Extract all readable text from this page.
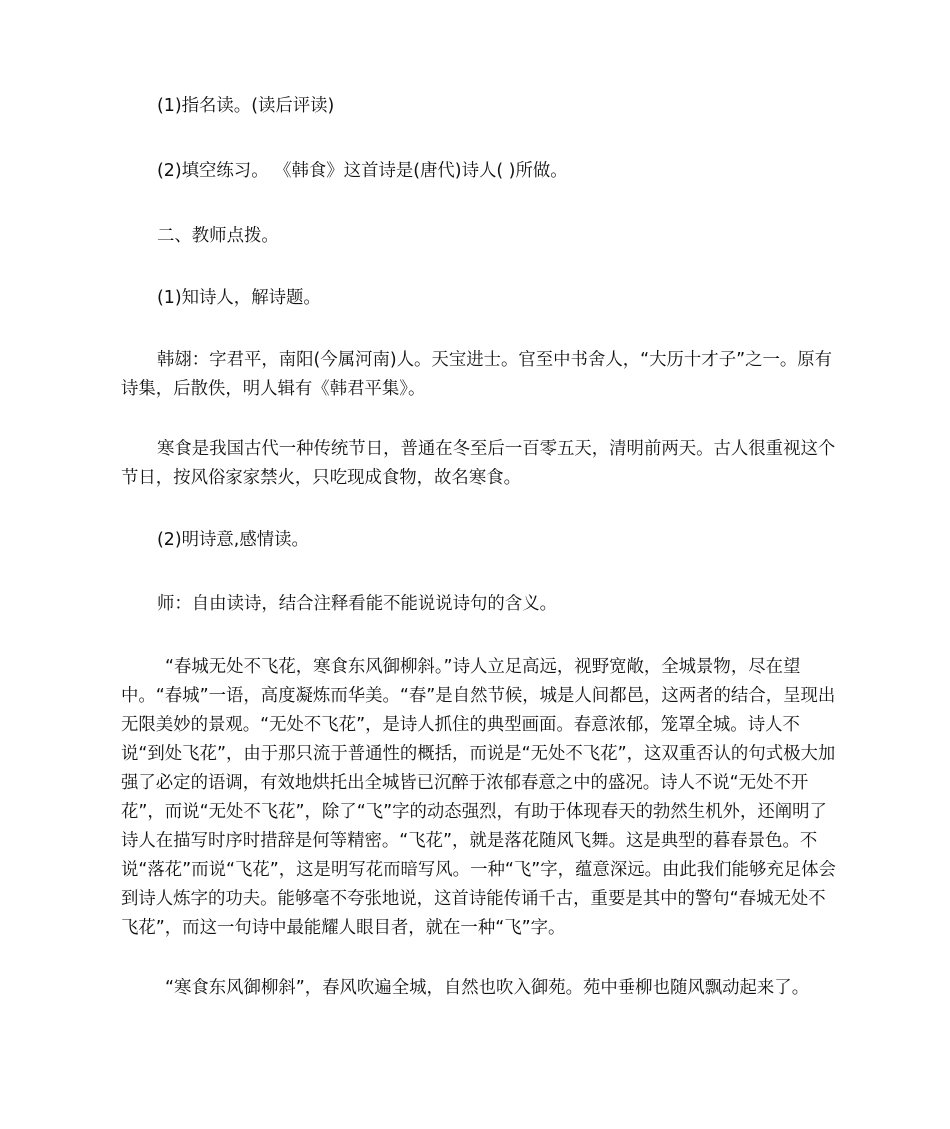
(1)指名读。(读后评读)

(2)填空练习。 《韩食》这首诗是(唐代)诗人( )所做。

二、教师点拨。

(1)知诗人，解诗题。

韩翃：字君平，南阳(今属河南)人。天宝进士。官至中书舍人，“大历十才子”之一。原有诗集，后散佚，明人辑有《韩君平集》。

寒食是我国古代一种传统节日，普通在冬至后一百零五天，清明前两天。古人很重视这个节日，按风俗家家禁火，只吃现成食物，故名寒食。

(2)明诗意,感情读。

师：自由读诗，结合注释看能不能说说诗句的含义。

“春城无处不飞花，寒食东风御柳斜。”诗人立足高远，视野宽敞，全城景物，尽在望中。“春城”一语，高度凝炼而华美。“春”是自然节候，城是人间都邑，这两者的结合，呈现出无限美妙的景观。“无处不飞花”，是诗人抓住的典型画面。春意浓郁，笼罩全城。诗人不说“到处飞花”，由于那只流于普通性的概括，而说是“无处不飞花”，这双重否认的句式极大加强了必定的语调，有效地烘托出全城皆已沉醉于浓郁春意之中的盛况。诗人不说“无处不开花”，而说“无处不飞花”，除了“飞”字的动态强烈，有助于体现春天的勃然生机外，还阐明了诗人在描写时序时措辞是何等精密。“飞花”，就是落花随风飞舞。这是典型的暮春景色。不说“落花”而说“飞花”，这是明写花而暗写风。一种“飞”字，蕴意深远。由此我们能够充足体会到诗人炼字的功夫。能够毫不夸张地说，这首诗能传诵千古，重要是其中的警句“春城无处不飞花”，而这一句诗中最能耀人眼目者，就在一种“飞”字。

“寒食东风御柳斜”，春风吹遍全城，自然也吹入御苑。苑中垂柳也随风飘动起来了。
